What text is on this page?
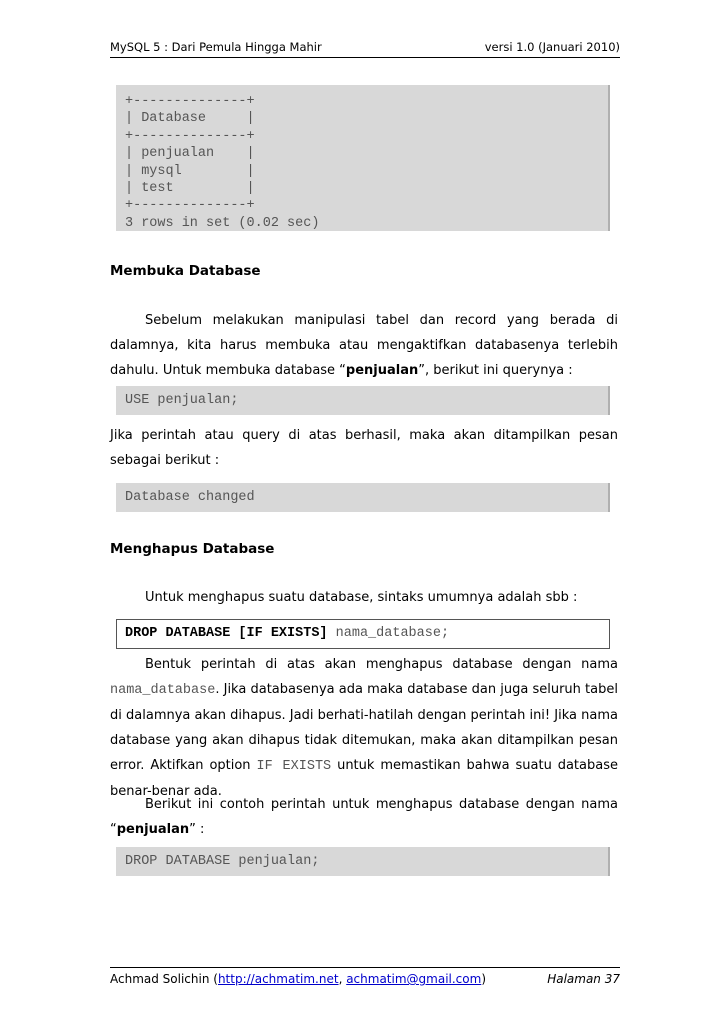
MySQL 5 : Dari Pemula Hingga Mahir	versi 1.0 (Januari 2010)
+--------------+
| Database     |
+--------------+
| penjualan    |
| mysql        |
| test         |
+--------------+
3 rows in set (0.02 sec)
Membuka Database
Sebelum melakukan manipulasi tabel dan record yang berada di dalamnya, kita harus membuka atau mengaktifkan databasenya terlebih dahulu. Untuk membuka database “penjualan”, berikut ini querynya :
USE penjualan;
Jika perintah atau query di atas berhasil, maka akan ditampilkan pesan sebagai berikut :
Database changed
Menghapus Database
Untuk menghapus suatu database, sintaks umumnya adalah sbb :
DROP DATABASE [IF EXISTS] nama_database;
Bentuk perintah di atas akan menghapus database dengan nama nama_database. Jika databasenya ada maka database dan juga seluruh tabel di dalamnya akan dihapus. Jadi berhati-hatilah dengan perintah ini! Jika nama database yang akan dihapus tidak ditemukan, maka akan ditampilkan pesan error. Aktifkan option IF EXISTS untuk memastikan bahwa suatu database benar-benar ada.
Berikut ini contoh perintah untuk menghapus database dengan nama “penjualan” :
DROP DATABASE penjualan;
Achmad Solichin (http://achmatim.net, achmatim@gmail.com)	Halaman 37
